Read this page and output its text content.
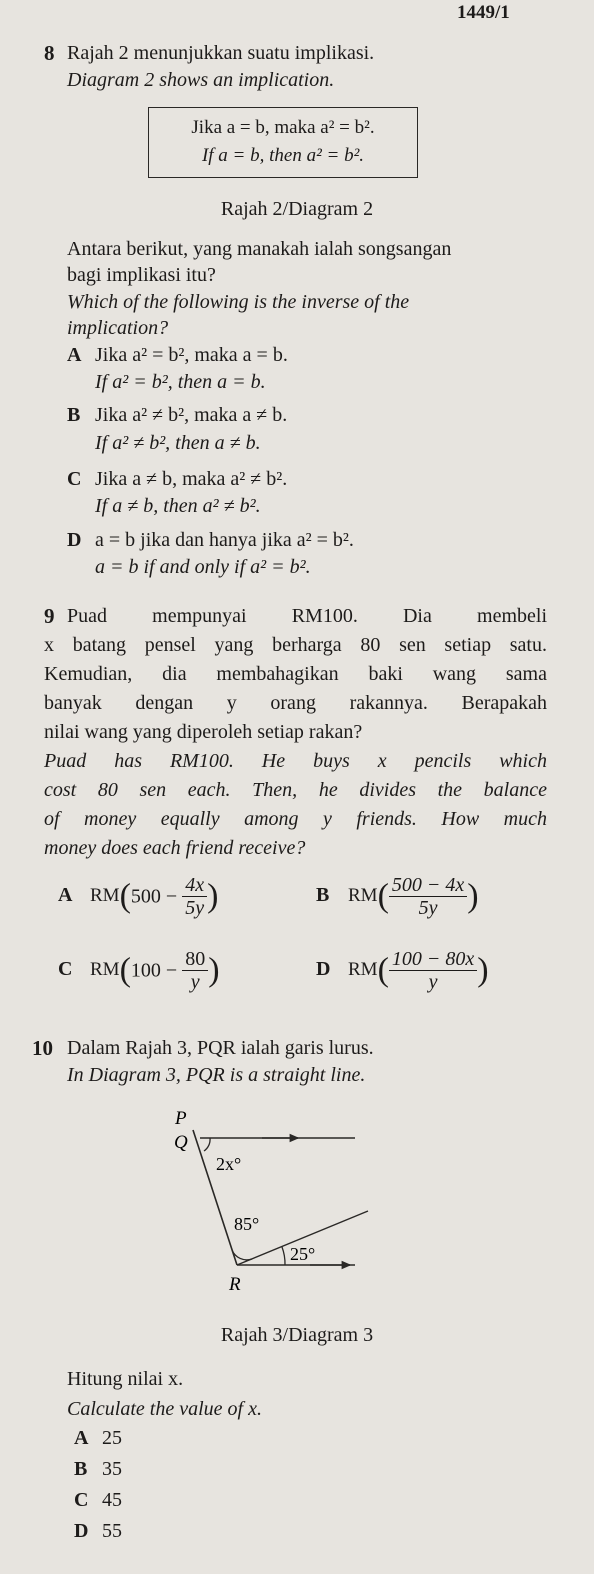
1449/1
8 Rajah 2 menunjukkan suatu implikasi.
Diagram 2 shows an implication.
Jika a = b, maka a² = b².
If a = b, then a² = b².
Rajah 2/Diagram 2
Antara berikut, yang manakah ialah songsangan
bagi implikasi itu?
Which of the following is the inverse of the
implication?
A Jika a² = b², maka a = b.
If a² = b², then a = b.
B Jika a² ≠ b², maka a ≠ b.
If a² ≠ b², then a ≠ b.
C Jika a ≠ b, maka a² ≠ b².
If a ≠ b, then a² ≠ b².
D a = b jika dan hanya jika a² = b².
a = b if and only if a² = b².
9 Puad mempunyai RM100. Dia membeli
x batang pensel yang berharga 80 sen setiap satu.
Kemudian, dia membahagikan baki wang sama
banyak dengan y orang rakannya. Berapakah
nilai wang yang diperoleh setiap rakan?
Puad has RM100. He buys x pencils which
cost 80 sen each. Then, he divides the balance
of money equally among y friends. How much
money does each friend receive?
A $RM(500 - \frac{4x}{5y}$ )	B $RM( \frac{500 - 4x}{5y}$ )
C $RM(100 - \frac{80}{y}$ )	D $RM( \frac{100 - 80x}{y}$ )
10 Dalam Rajah 3, PQR ialah garis lurus.
In Diagram 3, PQR is a straight line.
P
Q
R
2x°
85°
25°
Rajah 3/Diagram 3
Hitung nilai x.
Calculate the value of x.
A 25
B 35
C 45
D 55
